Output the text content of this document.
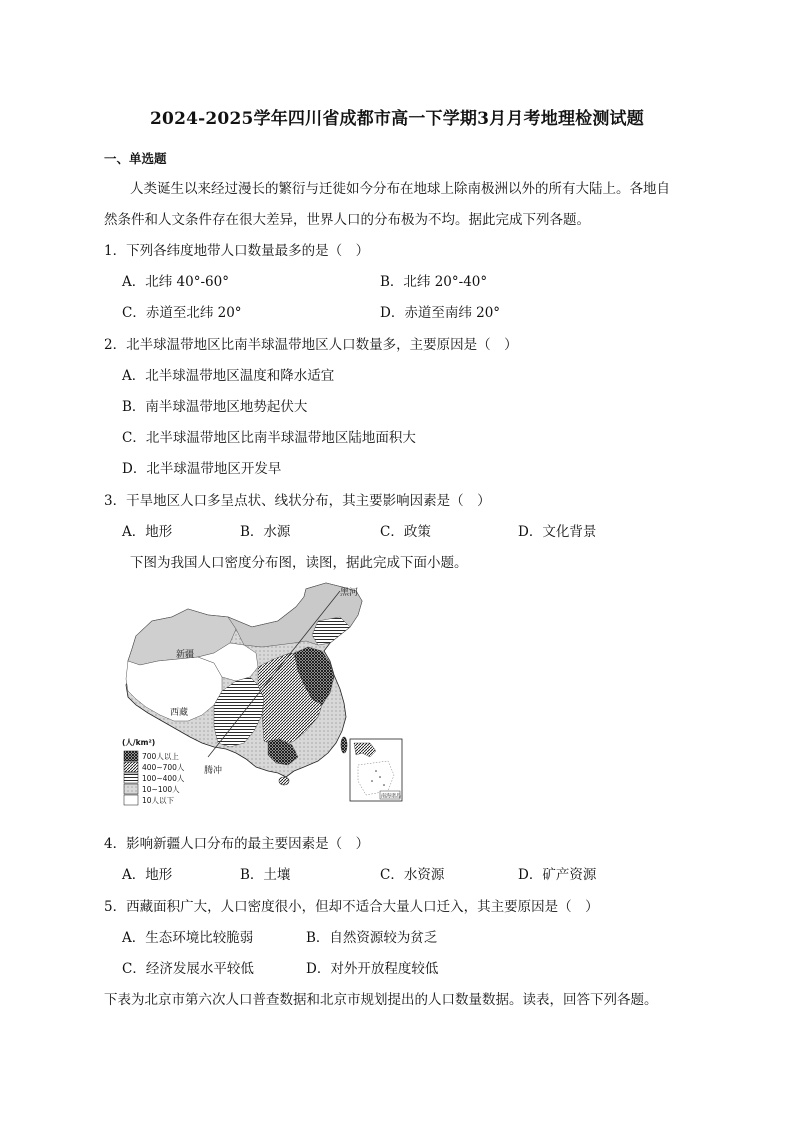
2024-2025学年四川省成都市高一下学期3月月考地理检测试题
一、单选题
人类诞生以来经过漫长的繁衍与迁徙如今分布在地球上除南极洲以外的所有大陆上。各地自
然条件和人文条件存在很大差异，世界人口的分布极为不均。据此完成下列各题。
1．下列各纬度地带人口数量最多的是（　）
A．北纬 40°-60°	B．北纬 20°-40°
C．赤道至北纬 20°	D．赤道至南纬 20°
2．北半球温带地区比南半球温带地区人口数量多，主要原因是（　）
A．北半球温带地区温度和降水适宜
B．南半球温带地区地势起伏大
C．北半球温带地区比南半球温带地区陆地面积大
D．北半球温带地区开发早
3．干旱地区人口多呈点状、线状分布，其主要影响因素是（　）
A．地形	B．水源	C．政策	D．文化背景
下图为我国人口密度分布图，读图，据此完成下面小题。
黑河
新疆
西藏
腾冲
南海诸岛
(人/km²)
700人以上
400~700人
100~400人
10~100人
10人以下
4．影响新疆人口分布的最主要因素是（　）
A．地形	B．土壤	C．水资源	D．矿产资源
5．西藏面积广大，人口密度很小，但却不适合大量人口迁入，其主要原因是（　）
A．生态环境比较脆弱	B．自然资源较为贫乏
C．经济发展水平较低	D．对外开放程度较低
下表为北京市第六次人口普查数据和北京市规划提出的人口数量数据。读表，回答下列各题。
